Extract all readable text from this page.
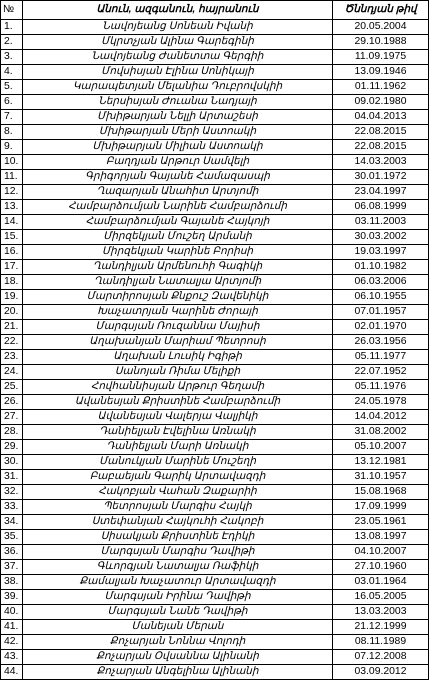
№	Անուն, ազգանուն, հայրանուն	Ծննդյան թիվ
1.	Նավոյեանց Սոնեան Իվանի	20.05.2004
2.	Մկրտչյան Ալինա Գարեգինի	29.10.1988
3.	Նավոյեանց Ժանետտա Գերգիի	11.09.1975
4.	Մովսիսյան Էլինա Սոնիկայի	13.09.1946
5.	Կարապետյան Մելանիա Դուբրովսկիի	01.11.1962
6.	Ներսիսյան Ժուանա Նադյայի	09.02.1980
7.	Մխիթարյան Նելլի Արտաշեսի	04.04.2013
8.	Մխիթարյան Մերի Աստոակի	22.08.2015
9.	Մխիթարյան Միլիան Աստոակի	22.08.2015
10.	Բաղդյան Արթուր Սամվելի	14.03.2003
11.	Գրիգորյան Գայանե Համազասպի	30.01.1972
12.	Ղազարյան Անահիտ Արտյոմի	23.04.1997
13.	Համբարձումյան Նարինե Համբարձումի	06.08.1999
14.	Համբարձումյան Գայանե Հայկոյի	03.11.2003
15.	Միրզեկյան Մուշեղ Արմանի	30.03.2002
16.	Միրզեկյան Կարինե Բորիսի	19.03.1997
17.	Ղանդիլյան Արմենուհի Գագիկի	01.10.1982
18.	Ղանդիլյան Նատալյա Արտյոմի	06.03.2006
19.	Մարտիրոսյան Քնքուշ Զավենիկի	06.10.1955
20.	Խաչատրյան Կարինե Ժորայի	07.01.1957
21.	Մարգսյան Ռուզաննա Մայիսի	02.01.1970
22.	Աղախանյան Մարիամ Պետրոսի	26.03.1956
23.	Աղախան Լուսիկ Իգիթի	05.11.1977
24.	Սանոյան Ռիմա Մելիքի	22.07.1952
25.	Հովհաննիսյան Արթուր Գեղամի	05.11.1976
26.	Ավանեսյան Քրիստինե Համբարձումի	24.05.1978
27.	Ավանեսյան Վալերյա Վալյիկի	14.04.2012
28.	Դանիելյան Էվելինա Առնակի	31.08.2002
29.	Դանիելյան Մարի Առնակի	05.10.2007
30.	Մանուկյան Մարինե Մուշեղի	13.12.1981
31.	Բաբաեյան Գարիկ Արտավազդի	31.10.1957
32.	Հակոբյան Վահան Զաքարիի	15.08.1968
33.	Պետրոսյան Մարգիս Հայկի	17.09.1999
34.	Ստեփանյան Հայկուհի Հակոբի	23.05.1961
35.	Սիսակյան Քրիստինե Էդիկի	13.08.1997
36.	Մարգսյան Մարգիս Դավիթի	04.10.2007
37.	Գևորգյան Նատալյա Ռաֆիկի	27.10.1960
38.	Քամալյան Խաչատուր Արտավազդի	03.01.1964
39.	Մարգսյան Իրինա Դավիթի	16.05.2005
40.	Մարգսյան Նանե Դավիթի	13.03.2003
41.	Մանեյան Մերան	21.12.1999
42.	Քոչարյան Նոննա Վոլոդի	08.11.1989
43.	Քոչարյան Օվսաննա Ալինանի	07.12.2008
44.	Քոչարյան Անգելինա Ալինանի	03.09.2012
